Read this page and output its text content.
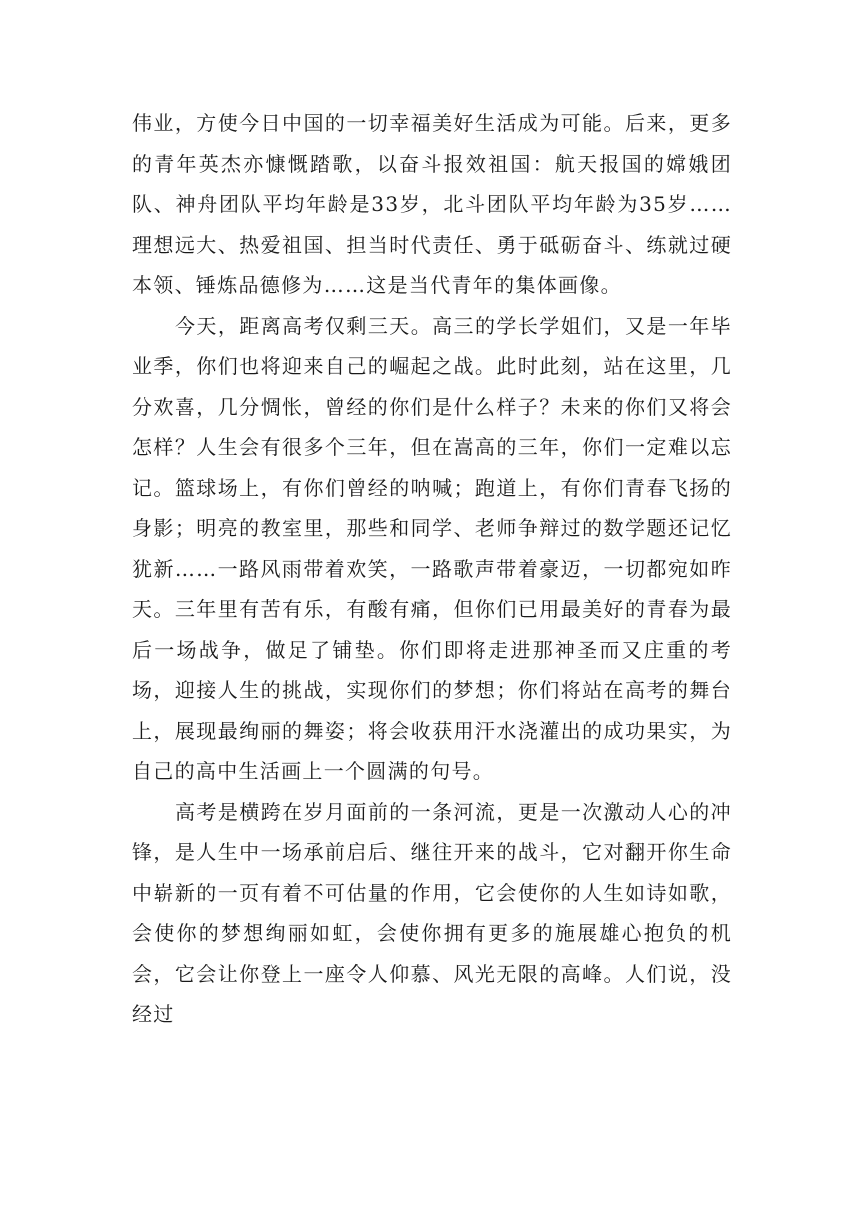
伟业，方使今日中国的一切幸福美好生活成为可能。后来，更多的青年英杰亦慷慨踏歌，以奋斗报效祖国：航天报国的嫦娥团队、神舟团队平均年龄是33岁，北斗团队平均年龄为35岁……理想远大、热爱祖国、担当时代责任、勇于砥砺奋斗、练就过硬本领、锤炼品德修为……这是当代青年的集体画像。

今天，距离高考仅剩三天。高三的学长学姐们，又是一年毕业季，你们也将迎来自己的崛起之战。此时此刻，站在这里，几分欢喜，几分惆怅，曾经的你们是什么样子？未来的你们又将会怎样？人生会有很多个三年，但在嵩高的三年，你们一定难以忘记。篮球场上，有你们曾经的呐喊；跑道上，有你们青春飞扬的身影；明亮的教室里，那些和同学、老师争辩过的数学题还记忆犹新……一路风雨带着欢笑，一路歌声带着豪迈，一切都宛如昨天。三年里有苦有乐，有酸有痛，但你们已用最美好的青春为最后一场战争，做足了铺垫。你们即将走进那神圣而又庄重的考场，迎接人生的挑战，实现你们的梦想；你们将站在高考的舞台上，展现最绚丽的舞姿；将会收获用汗水浇灌出的成功果实，为自己的高中生活画上一个圆满的句号。

高考是横跨在岁月面前的一条河流，更是一次激动人心的冲锋，是人生中一场承前启后、继往开来的战斗，它对翻开你生命中崭新的一页有着不可估量的作用，它会使你的人生如诗如歌，会使你的梦想绚丽如虹，会使你拥有更多的施展雄心抱负的机会，它会让你登上一座令人仰慕、风光无限的高峰。人们说，没经过
